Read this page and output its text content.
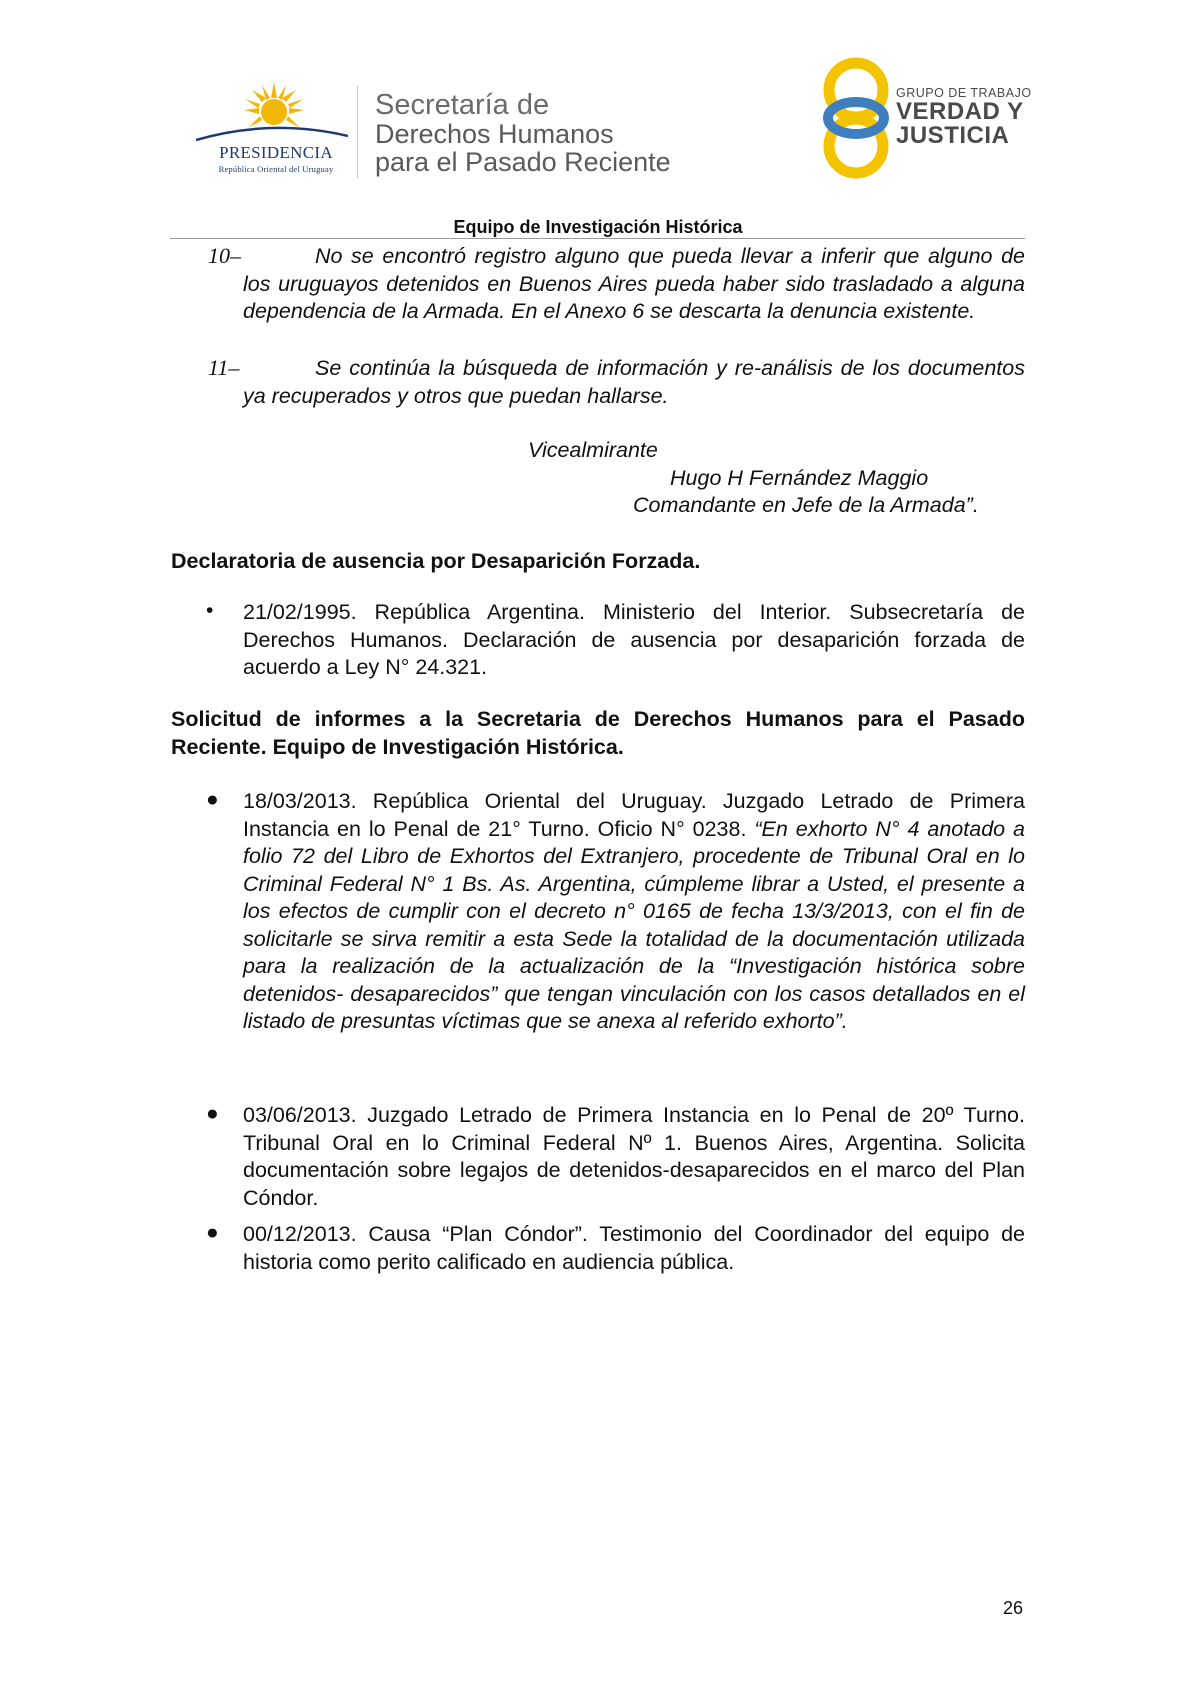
PRESIDENCIA
República Oriental del Uruguay
Secretaría de
Derechos Humanos
para el Pasado Reciente
GRUPO DE TRABAJO
VERDAD Y
JUSTICIA
Equipo de Investigación Histórica
10–	No se encontró registro alguno que pueda llevar a inferir que alguno de los uruguayos detenidos en Buenos Aires pueda haber sido trasladado a alguna dependencia de la Armada. En el Anexo 6 se descarta la denuncia existente.
11–	Se continúa la búsqueda de información y re-análisis de los documentos ya recuperados y otros que puedan hallarse.
Vicealmirante
Hugo H Fernández Maggio
Comandante en Jefe de la Armada”.
Declaratoria de ausencia por Desaparición Forzada.
• 21/02/1995. República Argentina. Ministerio del Interior. Subsecretaría de Derechos Humanos. Declaración de ausencia por desaparición forzada de acuerdo a Ley N° 24.321.
Solicitud de informes a la Secretaria de Derechos Humanos para el Pasado Reciente. Equipo de Investigación Histórica.
● 18/03/2013. República Oriental del Uruguay. Juzgado Letrado de Primera Instancia en lo Penal de 21° Turno. Oficio N° 0238. “En exhorto N° 4 anotado a folio 72 del Libro de Exhortos del Extranjero, procedente de Tribunal Oral en lo Criminal Federal N° 1 Bs. As. Argentina, cúmpleme librar a Usted, el presente a los efectos de cumplir con el decreto n° 0165 de fecha 13/3/2013, con el fin de solicitarle se sirva remitir a esta Sede la totalidad de la documentación utilizada para la realización de la actualización de la “Investigación histórica sobre detenidos- desaparecidos” que tengan vinculación con los casos detallados en el listado de presuntas víctimas que se anexa al referido exhorto”.
● 03/06/2013. Juzgado Letrado de Primera Instancia en lo Penal de 20º Turno. Tribunal Oral en lo Criminal Federal Nº 1. Buenos Aires, Argentina. Solicita documentación sobre legajos de detenidos-desaparecidos en el marco del Plan Cóndor.
● 00/12/2013. Causa “Plan Cóndor”. Testimonio del Coordinador del equipo de historia como perito calificado en audiencia pública.
26
